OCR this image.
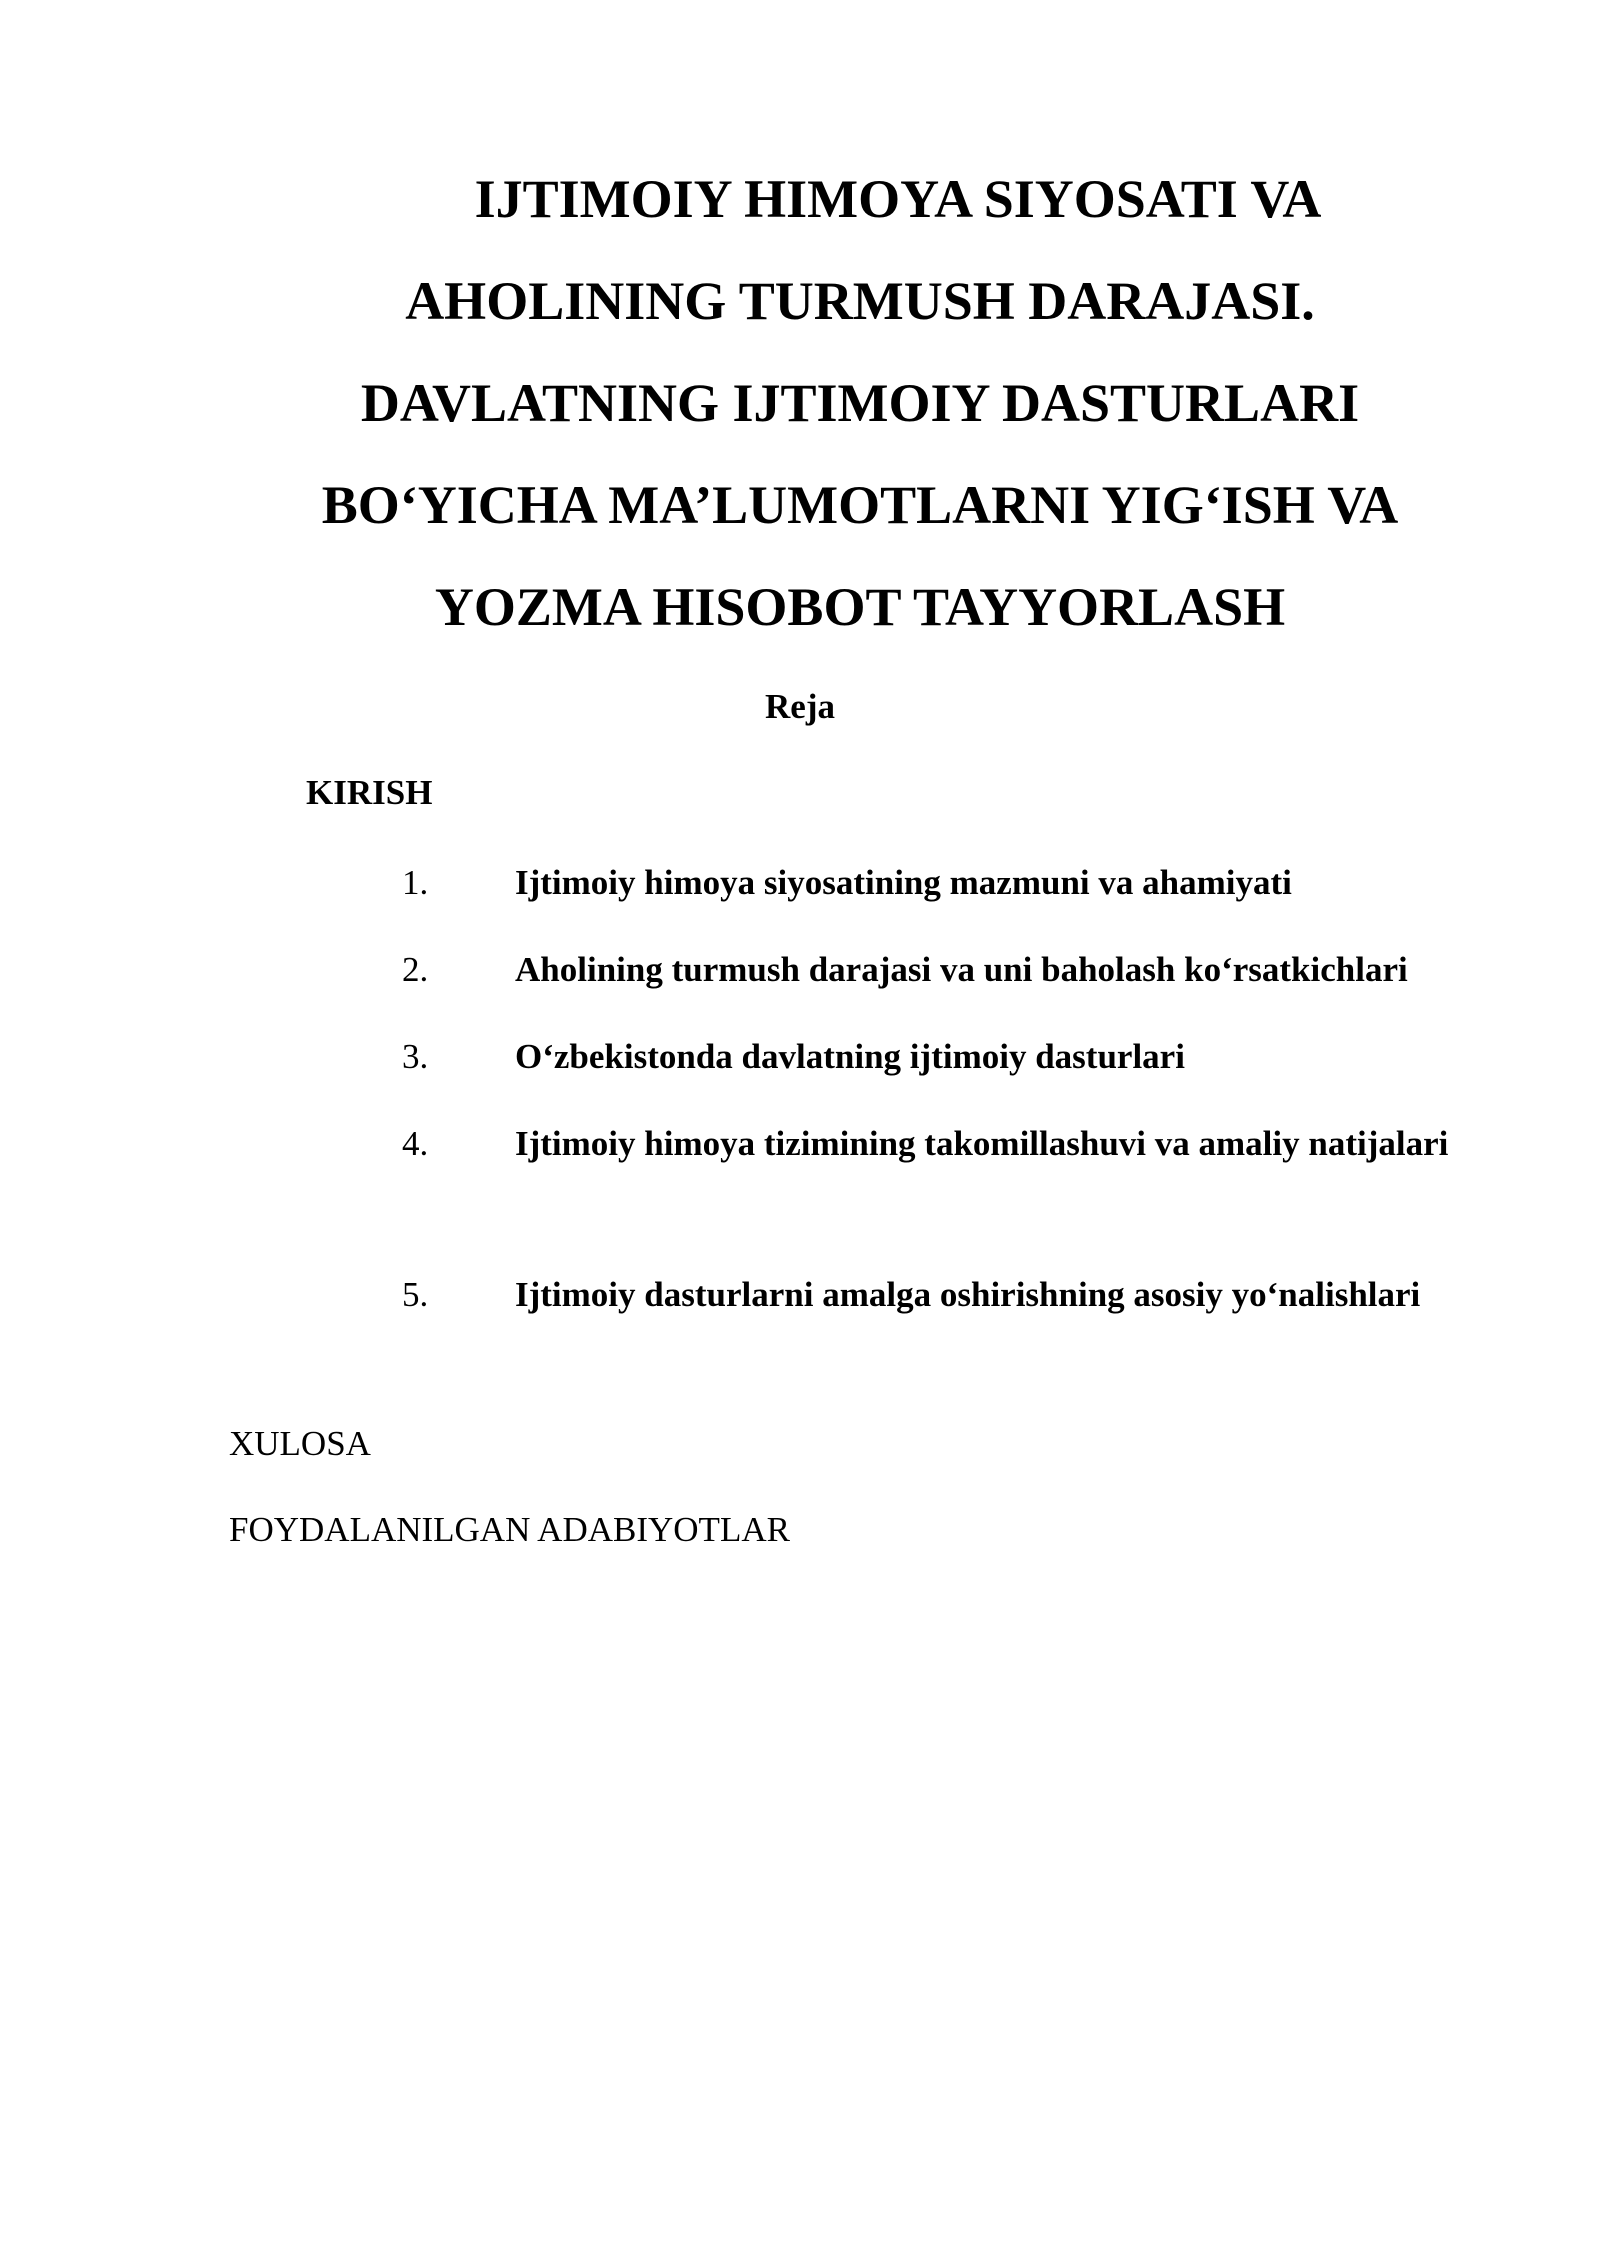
IJTIMOIY HIMOYA SIYOSATI VA
AHOLINING TURMUSH DARAJASI.
DAVLATNING IJTIMOIY DASTURLARI
BO‘YICHA MA’LUMOTLARNI YIG‘ISH VA
YOZMA HISOBOT TAYYORLASH
Reja
KIRISH
1.	Ijtimoiy himoya siyosatining mazmuni va ahamiyati
2.	Aholining turmush darajasi va uni baholash ko‘rsatkichlari
3.	O‘zbekistonda davlatning ijtimoiy dasturlari
4.	Ijtimoiy himoya tizimining takomillashuvi va amaliy natijalari
5.	Ijtimoiy dasturlarni amalga oshirishning asosiy yo‘nalishlari
XULOSA
FOYDALANILGAN ADABIYOTLAR
